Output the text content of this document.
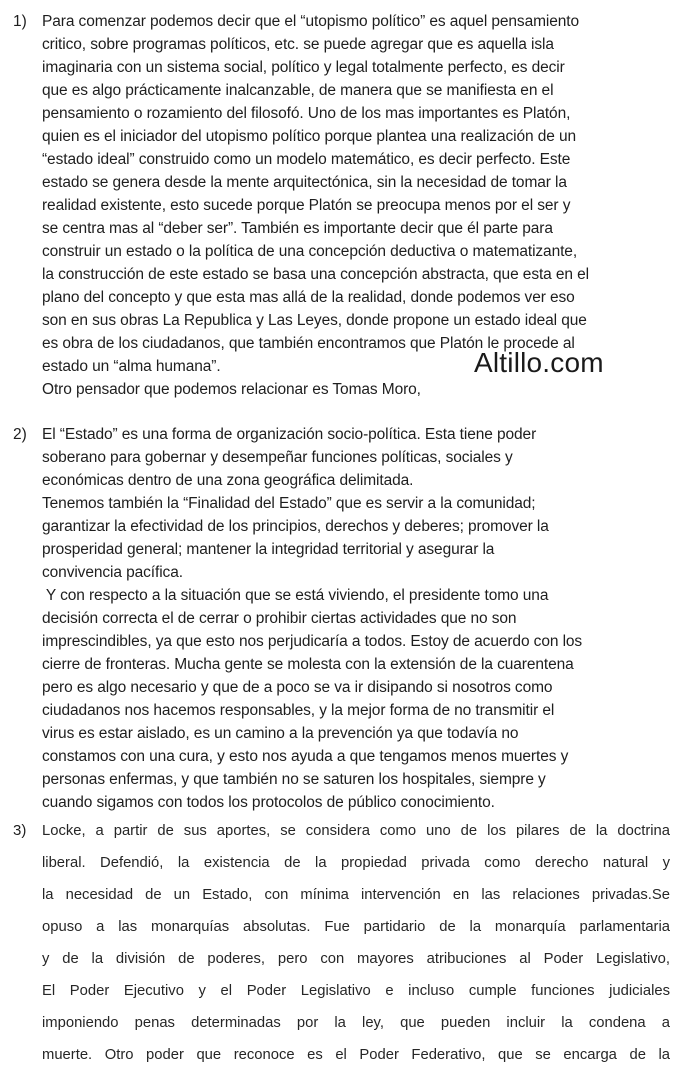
1) Para comenzar podemos decir que el “utopismo político” es aquel pensamiento
critico, sobre programas políticos, etc. se puede agregar que es aquella isla
imaginaria con un sistema social, político y legal totalmente perfecto, es decir
que es algo prácticamente inalcanzable, de manera que se manifiesta en el
pensamiento o rozamiento del filosofó. Uno de los mas importantes es Platón,
quien es el iniciador del utopismo político porque plantea una realización de un
“estado ideal” construido como un modelo matemático, es decir perfecto. Este
estado se genera desde la mente arquitectónica, sin la necesidad de tomar la
realidad existente, esto sucede porque Platón se preocupa menos por el ser y
se centra mas al “deber ser”. También es importante decir que él parte para
construir un estado o la política de una concepción deductiva o matematizante,
la construcción de este estado se basa una concepción abstracta, que esta en el
plano del concepto y que esta mas allá de la realidad, donde podemos ver eso
son en sus obras La Republica y Las Leyes, donde propone un estado ideal que
es obra de los ciudadanos, que también encontramos que Platón le procede al
estado un “alma humana”.
Otro pensador que podemos relacionar es Tomas Moro,
2) El “Estado” es una forma de organización socio-política. Esta tiene poder
soberano para gobernar y desempeñar funciones políticas, sociales y
económicas dentro de una zona geográfica delimitada.
Tenemos también la “Finalidad del Estado” que es servir a la comunidad;
garantizar la efectividad de los principios, derechos y deberes; promover la
prosperidad general; mantener la integridad territorial y asegurar la
convivencia pacífica.
Y con respecto a la situación que se está viviendo, el presidente tomo una
decisión correcta el de cerrar o prohibir ciertas actividades que no son
imprescindibles, ya que esto nos perjudicaría a todos. Estoy de acuerdo con los
cierre de fronteras. Mucha gente se molesta con la extensión de la cuarentena
pero es algo necesario y que de a poco se va ir disipando si nosotros como
ciudadanos nos hacemos responsables, y la mejor forma de no transmitir el
virus es estar aislado, es un camino a la prevención ya que todavía no
constamos con una cura, y esto nos ayuda a que tengamos menos muertes y
personas enfermas, y que también no se saturen los hospitales, siempre y
cuando sigamos con todos los protocolos de público conocimiento.
3)	Locke, a partir de sus aportes, se considera como uno de los pilares de la doctrina
liberal. Defendió, la existencia de la propiedad privada como derecho natural y
la necesidad de un Estado, con mínima intervención en las relaciones privadas.Se
opuso a las monarquías absolutas. Fue partidario de la monarquía parlamentaria
y de la división de poderes, pero con mayores atribuciones al Poder Legislativo,
El Poder Ejecutivo y el Poder Legislativo e incluso cumple funciones judiciales
imponiendo penas determinadas por la ley, que pueden incluir la condena a
muerte. Otro poder que reconoce es el Poder Federativo, que se encarga de la
Altillo.com
